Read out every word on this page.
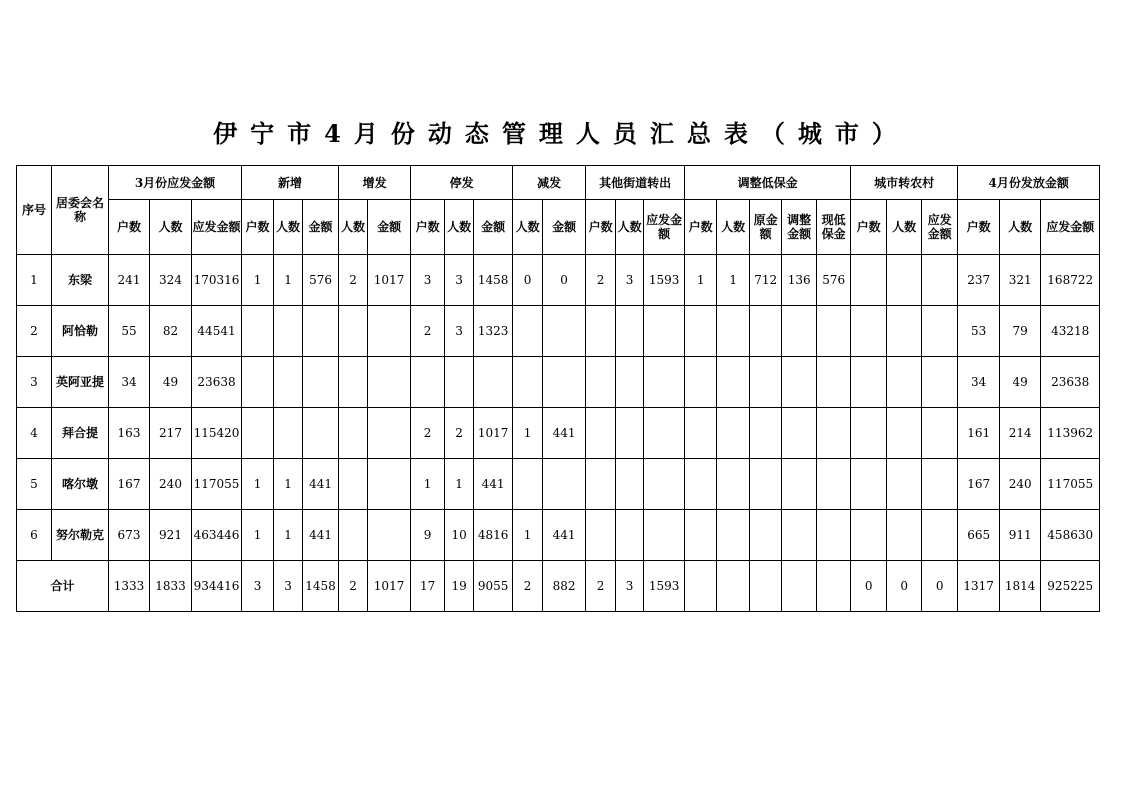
伊宁市4月份动态管理人员汇总表（城市）
序号	居委会名称	3月份应发金额			新增			增发		停发			减发		其他街道转出			调整低保金					城市转农村			4月份发放金额		
		户数	人数	应发金额	户数	人数	金额	人数	金额	户数	人数	金额	人数	金额	户数	人数	应发金额	户数	人数	原金额	调整金额	现低保金	户数	人数	应发金额	户数	人数	应发金额
1	东梁	241	324	170316	1	1	576	2	1017	3	3	1458	0	0	2	3	1593	1	1	712	136	576				237	321	168722
2	阿恰勒	55	82	44541						2	3	1323														53	79	43218
3	英阿亚提	34	49	23638																						34	49	23638
4	拜合提	163	217	115420						2	2	1017	1	441												161	214	113962
5	喀尔墩	167	240	117055	1	1	441			1	1	441														167	240	117055
6	努尔勒克	673	921	463446	1	1	441			9	10	4816	1	441												665	911	458630
合计		1333	1833	934416	3	3	1458	2	1017	17	19	9055	2	882	2	3	1593						0	0	0	1317	1814	925225
